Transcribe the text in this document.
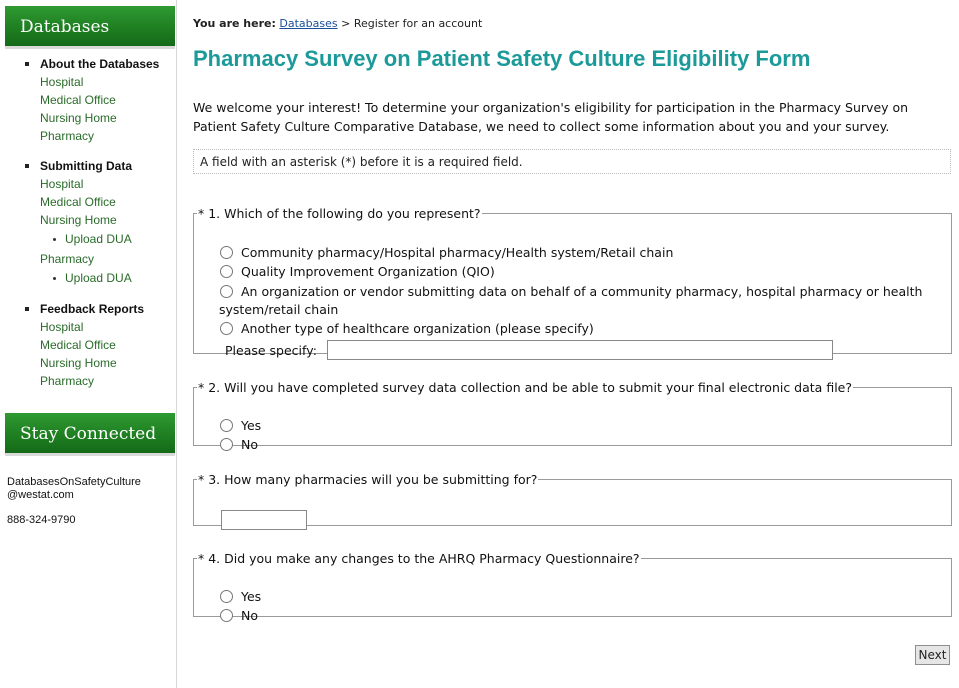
Databases
About the Databases
Hospital
Medical Office
Nursing Home
Pharmacy
Submitting Data
Hospital
Medical Office
Nursing Home
Upload DUA
Pharmacy
Upload DUA
Feedback Reports
Hospital
Medical Office
Nursing Home
Pharmacy
Stay Connected
DatabasesOnSafetyCulture
@westat.com
888-324-9790
You are here: Databases > Register for an account
Pharmacy Survey on Patient Safety Culture Eligibility Form
We welcome your interest! To determine your organization's eligibility for participation in the Pharmacy Survey on Patient Safety Culture Comparative Database, we need to collect some information about you and your survey.
A field with an asterisk (*) before it is a required field.
* 1. Which of the following do you represent?
Community pharmacy/Hospital pharmacy/Health system/Retail chain
Quality Improvement Organization (QIO)
An organization or vendor submitting data on behalf of a community pharmacy, hospital pharmacy or health
system/retail chain
Another type of healthcare organization (please specify)
Please specify:
* 2. Will you have completed survey data collection and be able to submit your final electronic data file?
Yes
No
* 3. How many pharmacies will you be submitting for?
* 4. Did you make any changes to the AHRQ Pharmacy Questionnaire?
Yes
No
Next
